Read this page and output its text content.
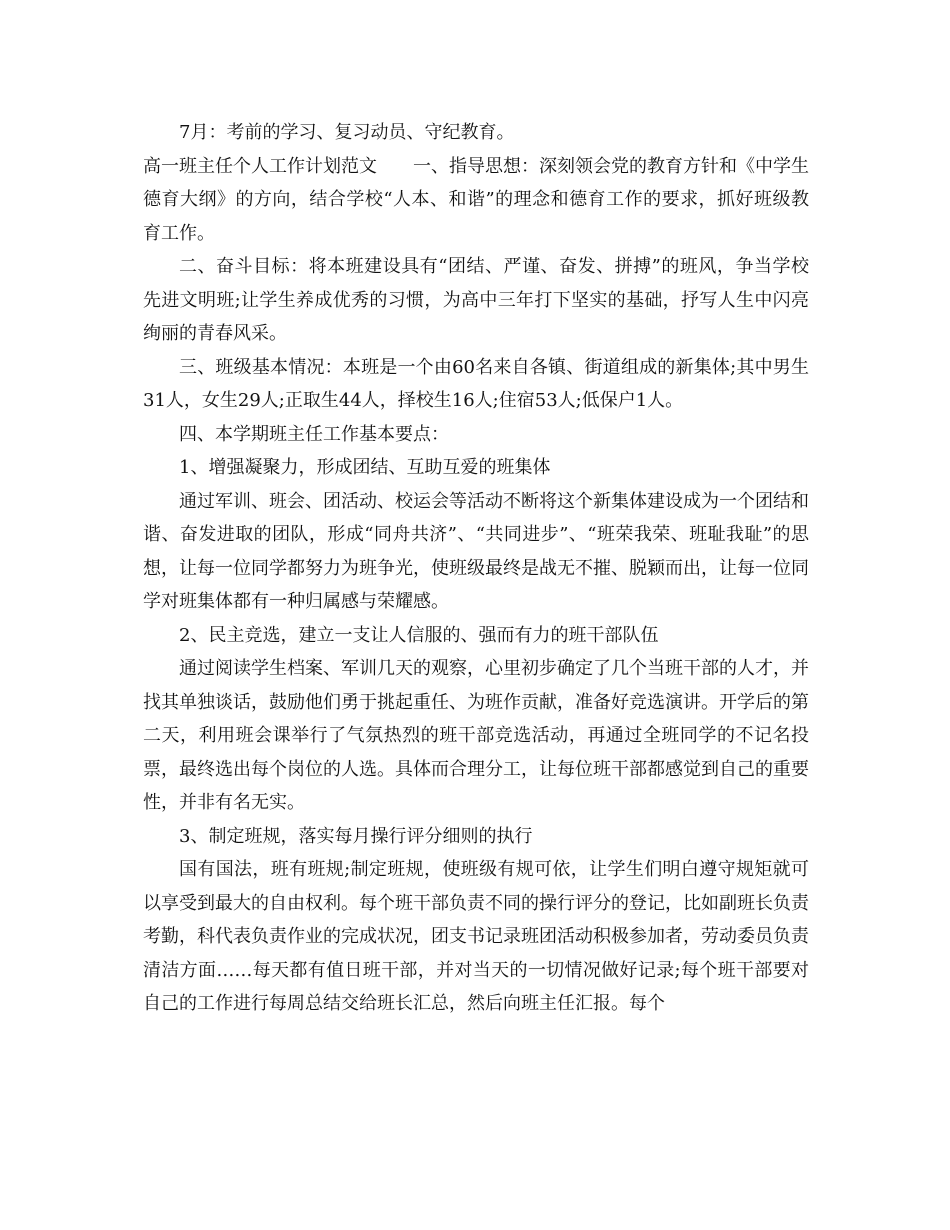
7月：考前的学习、复习动员、守纪教育。

高一班主任个人工作计划范文　　一、指导思想：深刻领会党的教育方针和《中学生德育大纲》的方向，结合学校“人本、和谐”的理念和德育工作的要求，抓好班级教育工作。

二、奋斗目标：将本班建设具有“团结、严谨、奋发、拼搏”的班风，争当学校先进文明班;让学生养成优秀的习惯，为高中三年打下坚实的基础，抒写人生中闪亮绚丽的青春风采。

三、班级基本情况：本班是一个由60名来自各镇、街道组成的新集体;其中男生31人，女生29人;正取生44人，择校生16人;住宿53人;低保户1人。

四、本学期班主任工作基本要点：

1、增强凝聚力，形成团结、互助互爱的班集体

通过军训、班会、团活动、校运会等活动不断将这个新集体建设成为一个团结和谐、奋发进取的团队，形成“同舟共济”、“共同进步”、“班荣我荣、班耻我耻”的思想，让每一位同学都努力为班争光，使班级最终是战无不摧、脱颖而出，让每一位同学对班集体都有一种归属感与荣耀感。

2、民主竞选，建立一支让人信服的、强而有力的班干部队伍

通过阅读学生档案、军训几天的观察，心里初步确定了几个当班干部的人才，并找其单独谈话，鼓励他们勇于挑起重任、为班作贡献，准备好竞选演讲。开学后的第二天，利用班会课举行了气氛热烈的班干部竞选活动，再通过全班同学的不记名投票，最终选出每个岗位的人选。具体而合理分工，让每位班干部都感觉到自己的重要性，并非有名无实。

3、制定班规，落实每月操行评分细则的执行

国有国法，班有班规;制定班规，使班级有规可依，让学生们明白遵守规矩就可以享受到最大的自由权利。每个班干部负责不同的操行评分的登记，比如副班长负责考勤，科代表负责作业的完成状况，团支书记录班团活动积极参加者，劳动委员负责清洁方面……每天都有值日班干部，并对当天的一切情况做好记录;每个班干部要对自己的工作进行每周总结交给班长汇总，然后向班主任汇报。每个
